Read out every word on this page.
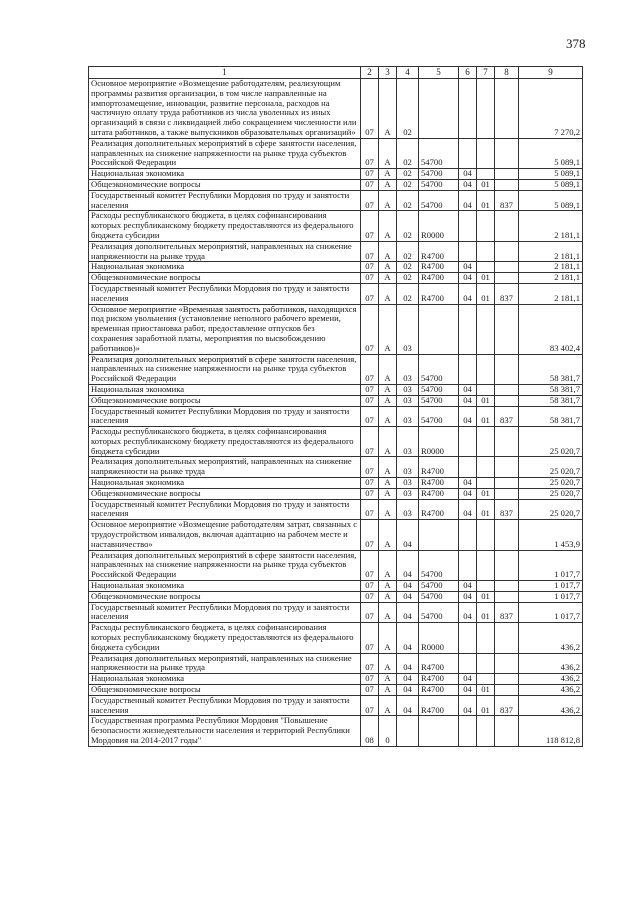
378
1	2	3	4	5	6	7	8	9
Основное мероприятие «Возмещение работодателям, реализующим программы развития организации, в том числе направленные на импортозамещение, инновации, развитие персонала, расходов на частичную оплату труда работников из числа уволенных из иных организаций в связи с ликвидацией либо сокращением численности или штата работников, а также выпускников образовательных организаций»	07	А	02					7 270,2
Реализация дополнительных мероприятий в сфере занятости населения, направленных на снижение напряженности на рынке труда субъектов Российской Федерации	07	А	02	54700				5 089,1
Национальная экономика	07	А	02	54700	04			5 089,1
Общеэкономические вопросы	07	А	02	54700	04	01		5 089,1
Государственный комитет Республики Мордовия по труду и занятости населения	07	А	02	54700	04	01	837	5 089,1
Расходы республиканского бюджета, в целях софинансирования которых республиканскому бюджету предоставляются из федерального бюджета субсидии	07	А	02	R0000				2 181,1
Реализация дополнительных мероприятий, направленных на снижение напряженности на рынке труда	07	А	02	R4700				2 181,1
Национальная экономика	07	А	02	R4700	04			2 181,1
Общеэкономические вопросы	07	А	02	R4700	04	01		2 181,1
Государственный комитет Республики Мордовия по труду и занятости населения	07	А	02	R4700	04	01	837	2 181,1
Основное мероприятие «Временная занятость работников, находящихся под риском увольнения (установление неполного рабочего времени, временная приостановка работ, предоставление отпусков без сохранения заработной платы, мероприятия по высвобождению работников)»	07	А	03					83 402,4
Реализация дополнительных мероприятий в сфере занятости населения, направленных на снижение напряженности на рынке труда субъектов Российской Федерации	07	А	03	54700				58 381,7
Национальная экономика	07	А	03	54700	04			58 381,7
Общеэкономические вопросы	07	А	03	54700	04	01		58 381,7
Государственный комитет Республики Мордовия по труду и занятости населения	07	А	03	54700	04	01	837	58 381,7
Расходы республиканского бюджета, в целях софинансирования которых республиканскому бюджету предоставляются из федерального бюджета субсидии	07	А	03	R0000				25 020,7
Реализация дополнительных мероприятий, направленных на снижение напряженности на рынке труда	07	А	03	R4700				25 020,7
Национальная экономика	07	А	03	R4700	04			25 020,7
Общеэкономические вопросы	07	А	03	R4700	04	01		25 020,7
Государственный комитет Республики Мордовия по труду и занятости населения	07	А	03	R4700	04	01	837	25 020,7
Основное мероприятие «Возмещение работодателям затрат, связанных с трудоустройством инвалидов, включая адаптацию на рабочем месте и наставничество»	07	А	04					1 453,9
Реализация дополнительных мероприятий в сфере занятости населения, направленных на снижение напряженности на рынке труда субъектов Российской Федерации	07	А	04	54700				1 017,7
Национальная экономика	07	А	04	54700	04			1 017,7
Общеэкономические вопросы	07	А	04	54700	04	01		1 017,7
Государственный комитет Республики Мордовия по труду и занятости населения	07	А	04	54700	04	01	837	1 017,7
Расходы республиканского бюджета, в целях софинансирования которых республиканскому бюджету предоставляются из федерального бюджета субсидии	07	А	04	R0000				436,2
Реализация дополнительных мероприятий, направленных на снижение напряженности на рынке труда	07	А	04	R4700				436,2
Национальная экономика	07	А	04	R4700	04			436,2
Общеэкономические вопросы	07	А	04	R4700	04	01		436,2
Государственный комитет Республики Мордовия по труду и занятости населения	07	А	04	R4700	04	01	837	436,2
Государственная программа Республики Мордовия "Повышение безопасности жизнедеятельности населения и территорий Республики Мордовия на 2014-2017 годы"	08	0						118 812,8
